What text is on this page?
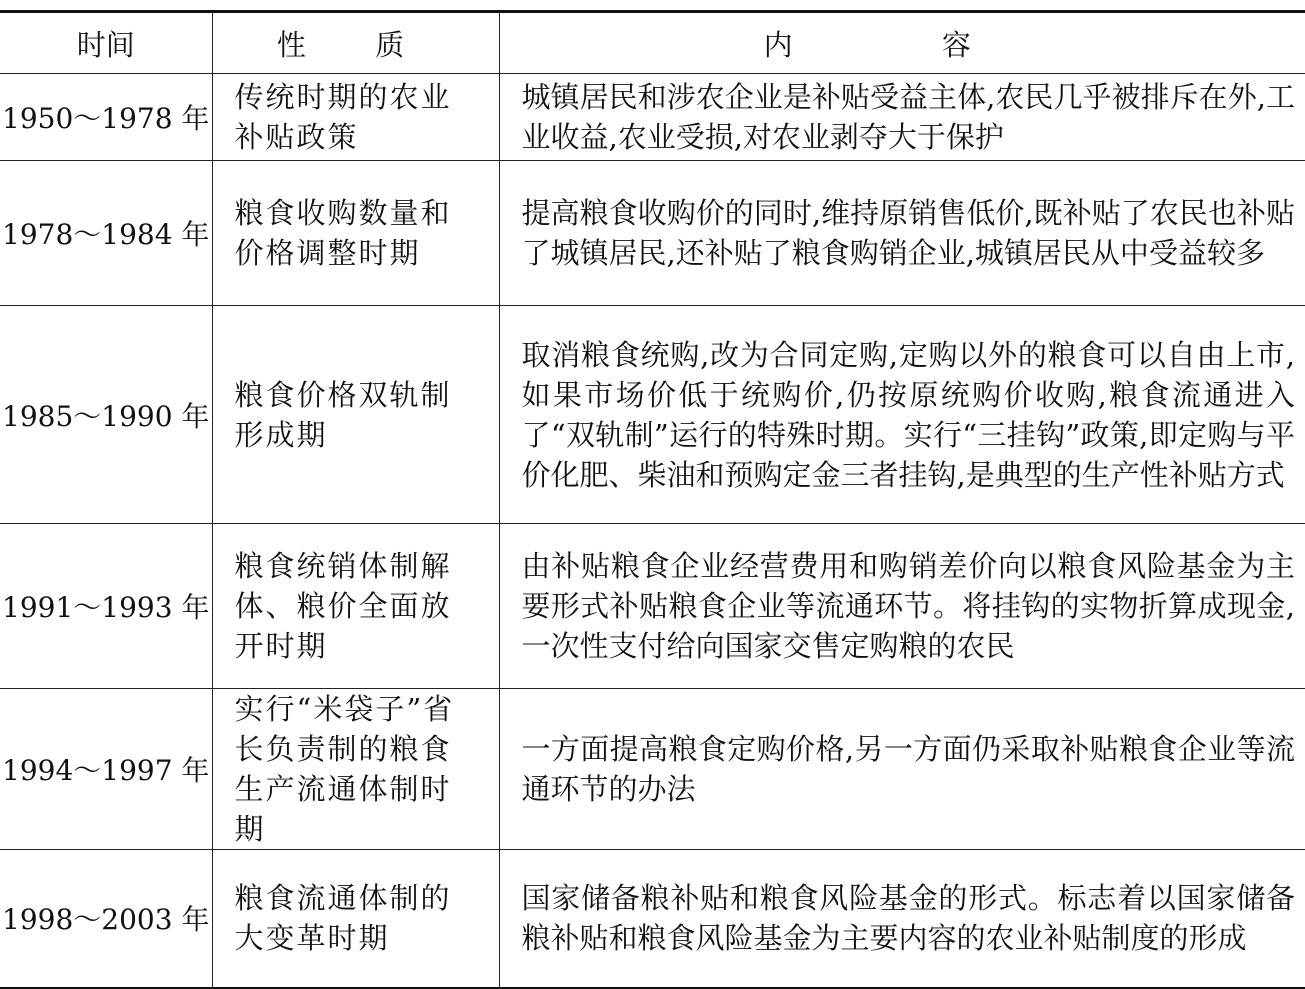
时间	性 质	内 容
1950～1978 年	传统时期的农业补贴政策	城镇居民和涉农企业是补贴受益主体,农民几乎被排斥在外,工业收益,农业受损,对农业剥夺大于保护
1978～1984 年	粮食收购数量和价格调整时期	提高粮食收购价的同时,维持原销售低价,既补贴了农民也补贴了城镇居民,还补贴了粮食购销企业,城镇居民从中受益较多
1985～1990 年	粮食价格双轨制形成期	取消粮食统购,改为合同定购,定购以外的粮食可以自由上市,如果市场价低于统购价,仍按原统购价收购,粮食流通进入了“双轨制”运行的特殊时期。实行“三挂钩”政策,即定购与平价化肥、柴油和预购定金三者挂钩,是典型的生产性补贴方式
1991～1993 年	粮食统销体制解体、粮价全面放开时期	由补贴粮食企业经营费用和购销差价向以粮食风险基金为主要形式补贴粮食企业等流通环节。将挂钩的实物折算成现金,一次性支付给向国家交售定购粮的农民
1994～1997 年	实行“米袋子”省长负责制的粮食生产流通体制时期	一方面提高粮食定购价格,另一方面仍采取补贴粮食企业等流通环节的办法
1998～2003 年	粮食流通体制的大变革时期	国家储备粮补贴和粮食风险基金的形式。标志着以国家储备粮补贴和粮食风险基金为主要内容的农业补贴制度的形成
